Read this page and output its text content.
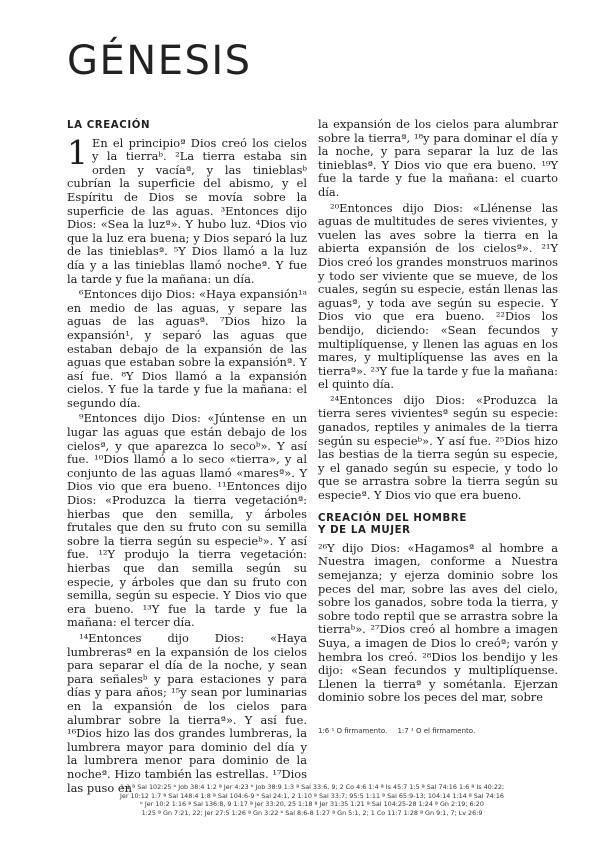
GÉNESIS
LA CREACIÓN

1 En el principioª Dios creó los cielos y la tierraᵇ. ²La tierra estaba sin orden y vacíaª, y las tinieblasᵇ cubrían la superficie del abismo, y el Espíritu de Dios se movía sobre la superficie de las aguas. ³Entonces dijo Dios: «Sea la luzª». Y hubo luz. ⁴Dios vio que la luz era buena; y Dios separó la luz de las tinieblasª. ⁵Y Dios llamó a la luz día y a las tinieblas llamó nocheª. Y fue la tarde y fue la mañana: un día.

⁶Entonces dijo Dios: «Haya expansión¹ᵃ en medio de las aguas, y separe las aguas de las aguasª. ⁷Dios hizo la expansión¹, y separó las aguas que estaban debajo de la expansión de las aguas que estaban sobre la expansiónª. Y así fue. ⁸Y Dios llamó a la expansión cielos. Y fue la tarde y fue la mañana: el segundo día.

⁹Entonces dijo Dios: «Júntense en un lugar las aguas que están debajo de los cielosª, y que aparezca lo secoᵇ». Y así fue. ¹⁰Dios llamó a lo seco «tierra», y al conjunto de las aguas llamó «maresª». Y Dios vio que era bueno. ¹¹Entonces dijo Dios: «Produzca la tierra vegetaciónª: hierbas que den semilla, y árboles frutales que den su fruto con su semilla sobre la tierra según su especieᵇ». Y así fue. ¹²Y produjo la tierra vegetación: hierbas que dan semilla según su especie, y árboles que dan su fruto con semilla, según su especie. Y Dios vio que era bueno. ¹³Y fue la tarde y fue la mañana: el tercer día.

¹⁴Entonces dijo Dios: «Haya lumbrerasª en la expansión de los cielos para separar el día de la noche, y sean para señalesᵇ y para estaciones y para días y para años; ¹⁵y sean por luminarias en la expansión de los cielos para alumbrar sobre la tierraª». Y así fue. ¹⁶Dios hizo las dos grandes lumbreras, la lumbrera mayor para dominio del día y la lumbrera menor para dominio de la nocheª. Hizo también las estrellas. ¹⁷Dios las puso en

la expansión de los cielos para alumbrar sobre la tierraª, ¹⁸y para dominar el día y la noche, y para separar la luz de las tinieblasª. Y Dios vio que era bueno. ¹⁹Y fue la tarde y fue la mañana: el cuarto día.

²⁰Entonces dijo Dios: «Llénense las aguas de multitudes de seres vivientes, y vuelen las aves sobre la tierra en la abierta expansión de los cielosª». ²¹Y Dios creó los grandes monstruos marinos y todo ser viviente que se mueve, de los cuales, según su especie, están llenas las aguasª, y toda ave según su especie. Y Dios vio que era bueno. ²²Dios los bendijo, diciendo: «Sean fecundos y multiplíquense, y llenen las aguas en los mares, y multiplíquense las aves en la tierraª». ²³Y fue la tarde y fue la mañana: el quinto día.

²⁴Entonces dijo Dios: «Produzca la tierra seres vivientesª según su especie: ganados, reptiles y animales de la tierra según su especieᵇ». Y así fue. ²⁵Dios hizo las bestias de la tierra según su especie, y el ganado según su especie, y todo lo que se arrastra sobre la tierra según su especieª. Y Dios vio que era bueno.

CREACIÓN DEL HOMBRE
Y DE LA MUJER

²⁶Y dijo Dios: «Hagamosª al hombre a Nuestra imagen, conforme a Nuestra semejanza; y ejerza dominio sobre los peces del mar, sobre las aves del cielo, sobre los ganados, sobre toda la tierra, y sobre todo reptil que se arrastra sobre la tierraᵇ». ²⁷Dios creó al hombre a imagen Suya, a imagen de Dios lo creóª; varón y hembra los creó. ²⁸Dios los bendijo y les dijo: «Sean fecundos y multiplíquense. Llenen la tierraª y sométanla. Ejerzan dominio sobre los peces del mar, sobre

1:6 ¹ O firmamento. 1:7 ¹ O el firmamento.
1:1 ª Sal 102:25 ᵇ Job 38:4 1:2 ª Jer 4:23 ᵇ Job 38:9 1:3 ª Sal 33:6, 9; 2 Co 4:6 1:4 ª Is 45:7 1:5 ª Sal 74:16 1:6 ª Is 40:22;
Jer 10:12 1:7 ª Sal 148:4 1:8 ª Sal 104:6-9 ᵇ Sal 24:1, 2 1:10 ª Sal 33:7; 95:5 1:11 ª Sal 65:9-13; 104:14 1:14 ª Sal 74:16
ᵇ Jer 10:2 1:16 ª Sal 136:8, 9 1:17 ª Jer 33:20, 25 1:18 ª Jer 31:35 1:21 ª Sal 104:25-28 1:24 ª Gn 2:19; 6:20
1:25 ª Gn 7:21, 22; Jer 27:5 1:26 ª Gn 3:22 ᵇ Sal 8:6-8 1:27 ª Gn 5:1, 2; 1 Co 11:7 1:28 ª Gn 9:1, 7; Lv 26:9
